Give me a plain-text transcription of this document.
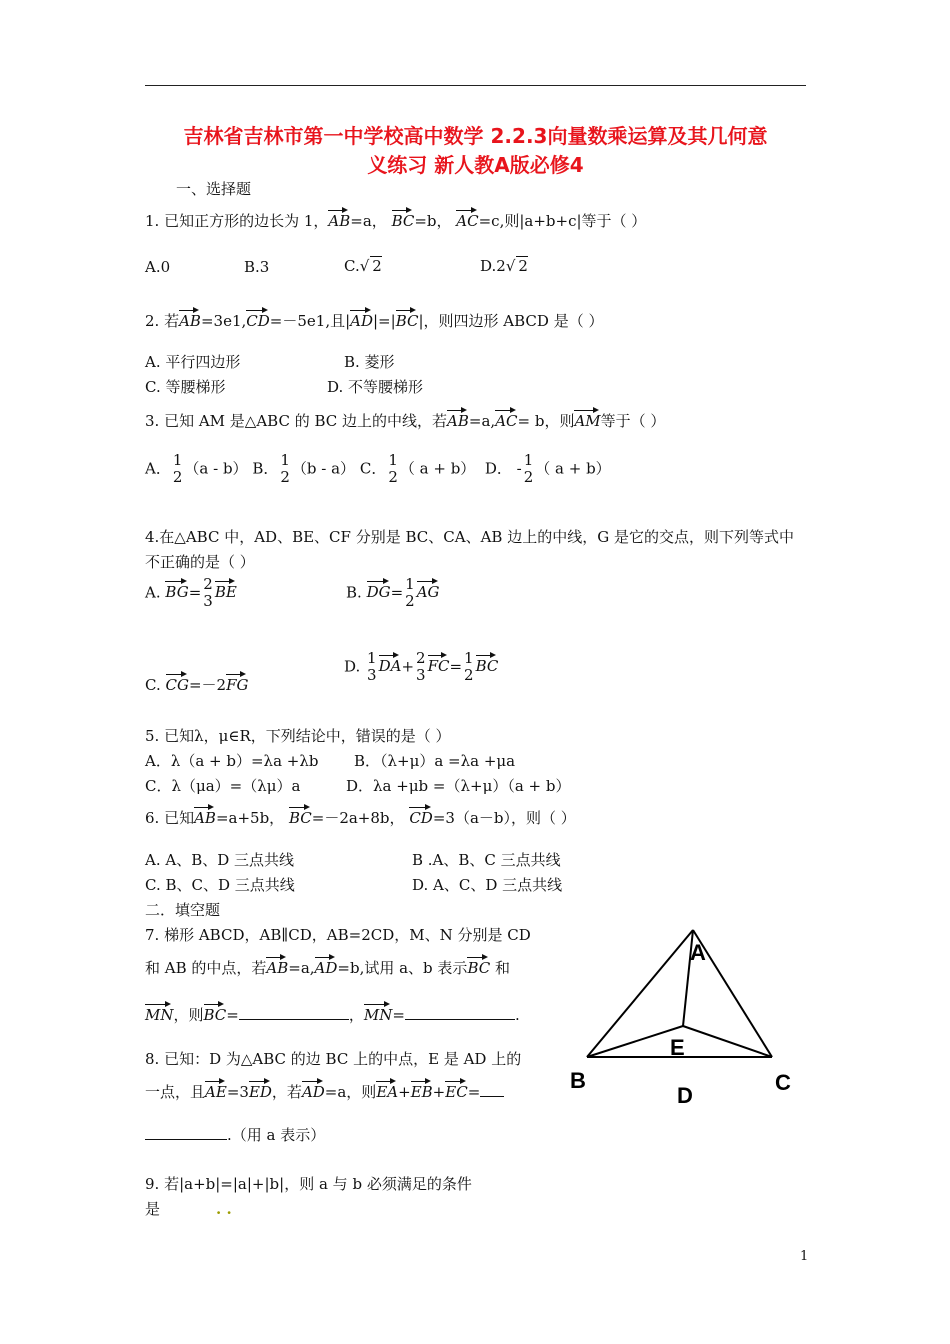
吉林省吉林市第一中学校高中数学 2.2.3向量数乘运算及其几何意
义练习 新人教A版必修4
一、选择题
1. 已知正方形的边长为 1，AB=a， BC=b， AC=c,则|a+b+c|等于（ ）
A.0	B.3	C.√ 2	D.2√ 2
2. 若AB=3e1,CD=－5e1,且|AD|=|BC|，则四边形 ABCD 是（ ）
A. 平行四边形	B. 菱形
C. 等腰梯形	D. 不等腰梯形
3. 已知 AM 是△ABC 的 BC 边上的中线，若AB=a,AC= b，则AM等于（ ）
A． 1
2 （a - b） B． 1
2 （b - a） C． 1
2 （ a + b） D． - 1
2 （ a + b）
4.在△ABC 中，AD、BE、CF 分别是 BC、CA、AB 边上的中线，G 是它的交点，则下列等式中
不正确的是（ ）
A. BG= 2
3 BE	B. DG= 1
2 AG
C. CG=－2FG
D. 1
3 DA+ 2
3 FC= 1
2 BC
5. 已知λ，μ∈R，下列结论中，错误的是（ ）
A．λ（a + b）=λa +λb B．（λ+μ）a =λa +μa
C．λ（μa）=（λμ）a	D．λa +μb =（λ+μ）（a + b）
6. 已知AB=a+5b， BC=－2a+8b， CD=3（a－b），则（ ）
A. A、B、D 三点共线	B .A、B、C 三点共线
C. B、C、D 三点共线	D. A、C、D 三点共线
二．填空题
7. 梯形 ABCD，AB∥CD，AB=2CD，M、N 分别是 CD
和 AB 的中点，若AB=a,AD=b,试用 a、b 表示BC 和
MN，则BC=	，MN=	.
8. 已知：D 为△ABC 的边 BC 上的中点，E 是 AD 上的
一点，且AE=3ED，若AD=a，则EA+EB+EC=
.（用 a 表示）
9. 若|a+b|=|a|+|b|，则 a 与 b 必须满足的条件
是	. .
A
B	C
D
E
1
